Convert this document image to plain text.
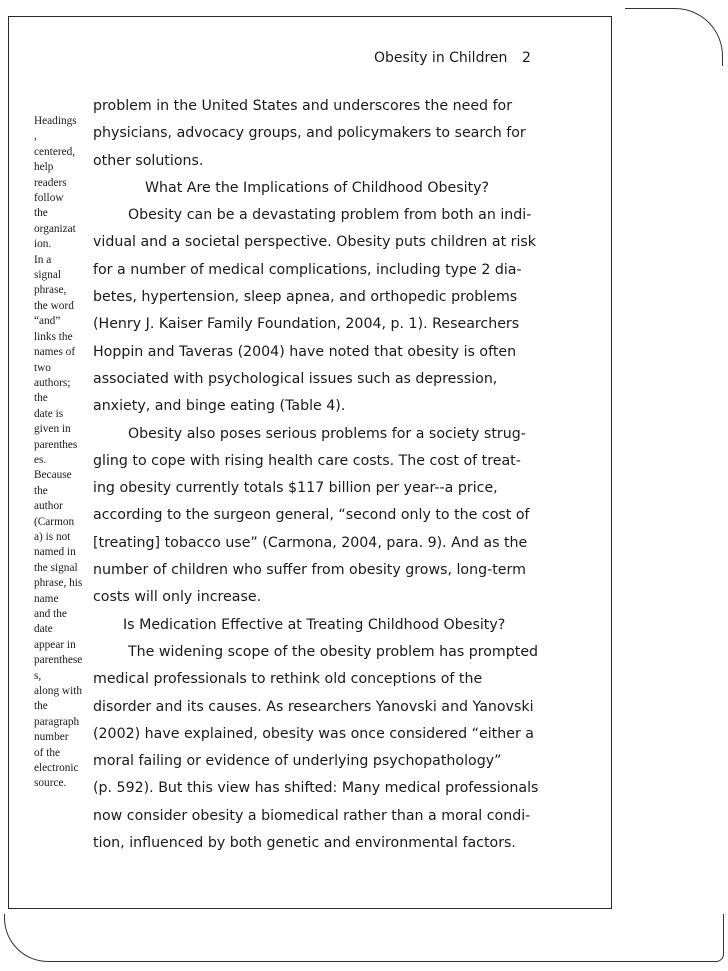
Obesity in Children 2
Headings
,
centered,
help
readers
follow
the
organizat
ion.
In a
signal
phrase,
the word
“and”
links the
names of
two
authors;
the
date is
given in
parenthes
es.
Because
the
author
(Carmon
a) is not
named in
the signal
phrase, his
name
and the
date
appear in
parenthese
s,
along with
the
paragraph
number
of the
electronic
source.
problem in the United States and underscores the need for
physicians, advocacy groups, and policymakers to search for
other solutions.
What Are the Implications of Childhood Obesity?
Obesity can be a devastating problem from both an indi-
vidual and a societal perspective. Obesity puts children at risk
for a number of medical complications, including type 2 dia-
betes, hypertension, sleep apnea, and orthopedic problems
(Henry J. Kaiser Family Foundation, 2004, p. 1). Researchers
Hoppin and Taveras (2004) have noted that obesity is often
associated with psychological issues such as depression,
anxiety, and binge eating (Table 4).
Obesity also poses serious problems for a society strug-
gling to cope with rising health care costs. The cost of treat-
ing obesity currently totals $117 billion per year--a price,
according to the surgeon general, “second only to the cost of
[treating] tobacco use” (Carmona, 2004, para. 9). And as the
number of children who suffer from obesity grows, long-term
costs will only increase.
Is Medication Effective at Treating Childhood Obesity?
The widening scope of the obesity problem has prompted
medical professionals to rethink old conceptions of the
disorder and its causes. As researchers Yanovski and Yanovski
(2002) have explained, obesity was once considered “either a
moral failing or evidence of underlying psychopathology”
(p. 592). But this view has shifted: Many medical professionals
now consider obesity a biomedical rather than a moral condi-
tion, influenced by both genetic and environmental factors.
